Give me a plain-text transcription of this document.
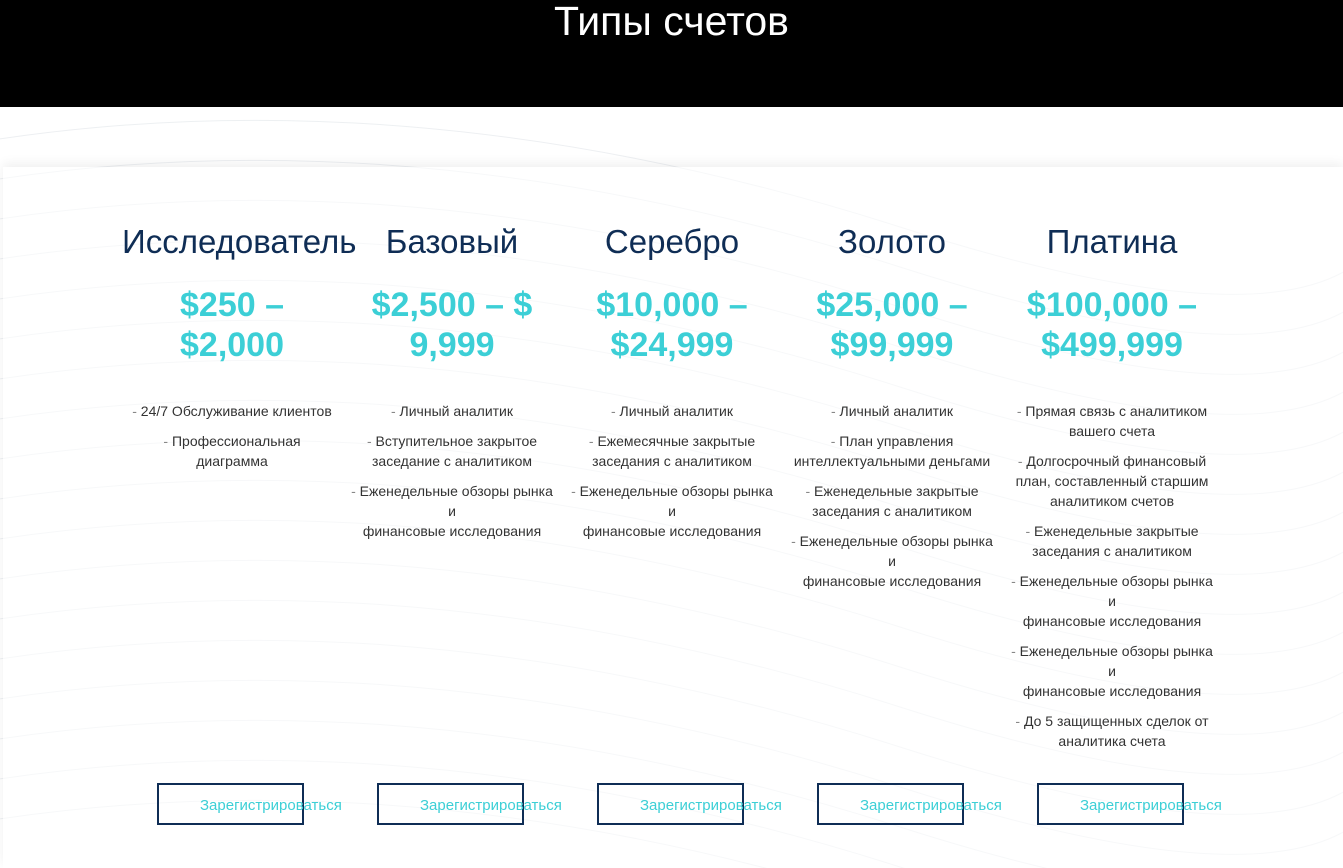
Типы счетов
Исследователь
$250 – $2,000
- 24/7 Обслуживание клиентов
- Профессиональная диаграмма
Базовый
$2,500 – $ 9,999
- Личный аналитик
- Вступительное закрытое
заседание с аналитиком
- Еженедельные обзоры рынка и
финансовые исследования
Серебро
$10,000 – $24,999
- Личный аналитик
- Ежемесячные закрытые
заседания с аналитиком
- Еженедельные обзоры рынка и
финансовые исследования
Золото
$25,000 – $99,999
- Личный аналитик
- План управления
интеллектуальными деньгами
- Еженедельные закрытые
заседания с аналитиком
- Еженедельные обзоры рынка и
финансовые исследования
Платина
$100,000 – $499,999
- Прямая связь с аналитиком
вашего счета
- Долгосрочный финансовый
план, составленный старшим
аналитиком счетов
- Еженедельные закрытые
заседания с аналитиком
- Еженедельные обзоры рынка и
финансовые исследования
- Еженедельные обзоры рынка и
финансовые исследования
- До 5 защищенных сделок от
аналитика счета
Зарегистрироваться	Зарегистрироваться	Зарегистрироваться	Зарегистрироваться	Зарегистрироваться
